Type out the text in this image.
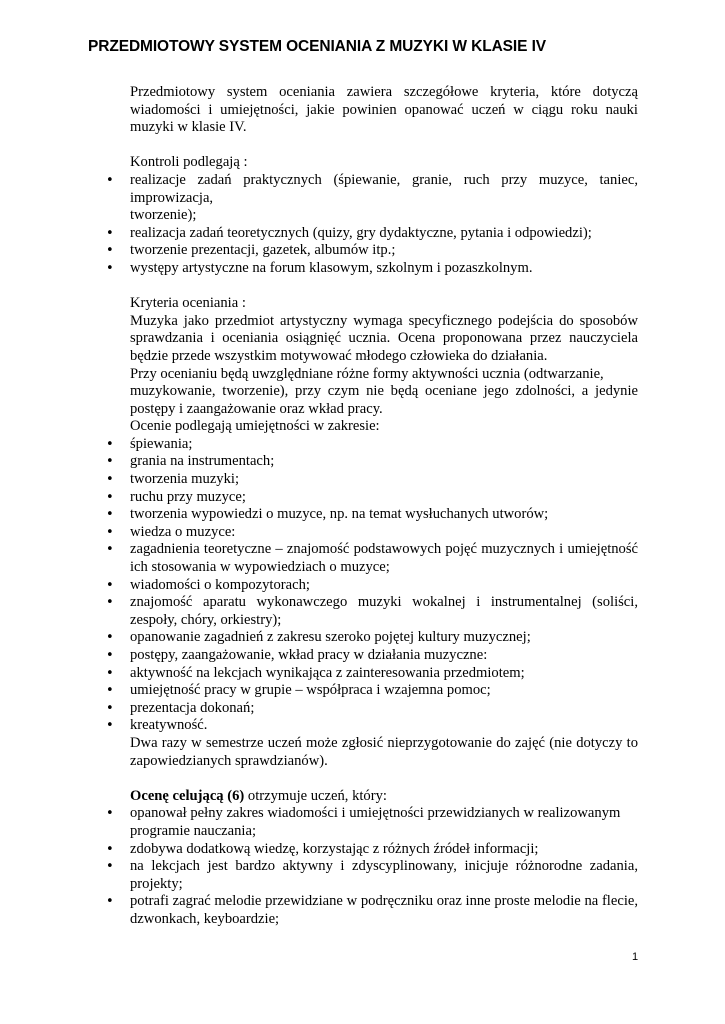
PRZEDMIOTOWY SYSTEM OCENIANIA Z MUZYKI W KLASIE IV

Przedmiotowy system oceniania zawiera szczegółowe kryteria, które dotyczą wiadomości i umiejętności, jakie powinien opanować uczeń w ciągu roku nauki muzyki w klasie IV.

Kontroli podlegają :

• realizacje zadań praktycznych (śpiewanie, granie, ruch przy muzyce, taniec, improwizacja,
tworzenie);
• realizacja zadań teoretycznych (quizy, gry dydaktyczne, pytania i odpowiedzi);
• tworzenie prezentacji, gazetek, albumów itp.;
• występy artystyczne na forum klasowym, szkolnym i pozaszkolnym.

Kryteria oceniania :

Muzyka jako przedmiot artystyczny wymaga specyficznego podejścia do sposobów sprawdzania i oceniania osiągnięć ucznia. Ocena proponowana przez nauczyciela będzie przede wszystkim motywować młodego człowieka do działania.

Przy ocenianiu będą uwzględniane różne formy aktywności ucznia (odtwarzanie,

muzykowanie, tworzenie), przy czym nie będą oceniane jego zdolności, a jedynie postępy i zaangażowanie oraz wkład pracy.

Ocenie podlegają umiejętności w zakresie:

• śpiewania;
• grania na instrumentach;
• tworzenia muzyki;
• ruchu przy muzyce;
• tworzenia wypowiedzi o muzyce, np. na temat wysłuchanych utworów;
• wiedza o muzyce:
• zagadnienia teoretyczne – znajomość podstawowych pojęć muzycznych i umiejętność ich stosowania w wypowiedziach o muzyce;
• wiadomości o kompozytorach;
• znajomość aparatu wykonawczego muzyki wokalnej i instrumentalnej (soliści, zespoły, chóry, orkiestry);
• opanowanie zagadnień z zakresu szeroko pojętej kultury muzycznej;
• postępy, zaangażowanie, wkład pracy w działania muzyczne:
• aktywność na lekcjach wynikająca z zainteresowania przedmiotem;
• umiejętność pracy w grupie – współpraca i wzajemna pomoc;
• prezentacja dokonań;
• kreatywność.

Dwa razy w semestrze uczeń może zgłosić nieprzygotowanie do zajęć (nie dotyczy to zapowiedzianych sprawdzianów).

Ocenę celującą (6) otrzymuje uczeń, który:

• opanował pełny zakres wiadomości i umiejętności przewidzianych w realizowanym programie nauczania;
• zdobywa dodatkową wiedzę, korzystając z różnych źródeł informacji;
• na lekcjach jest bardzo aktywny i zdyscyplinowany, inicjuje różnorodne zadania, projekty;
• potrafi zagrać melodie przewidziane w podręczniku oraz inne proste melodie na flecie, dzwonkach, keyboardzie;
1
